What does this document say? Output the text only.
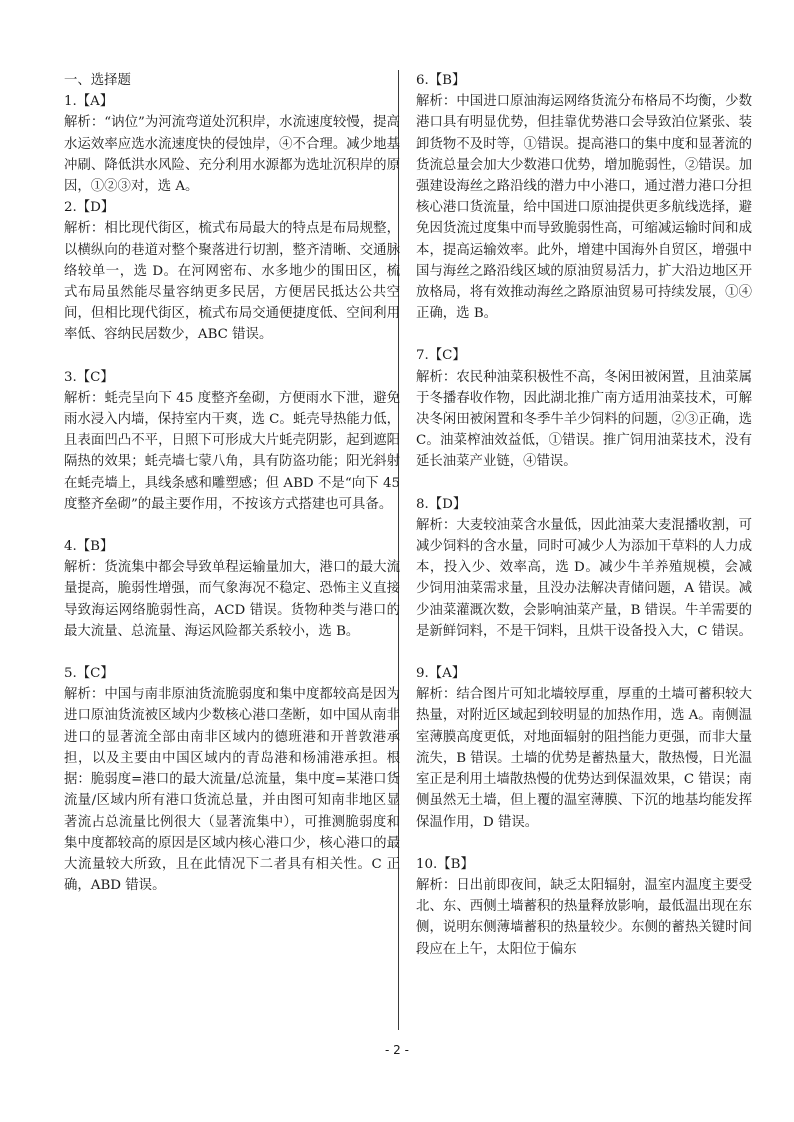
一、选择题
1.【A】
解析：“讷位”为河流弯道处沉积岸，水流速度较慢，提高水运效率应选水流速度快的侵蚀岸，④不合理。减少地基冲刷、降低洪水风险、充分利用水源都为选址沉积岸的原因，①②③对，选 A。
2.【D】
解析：相比现代街区，梳式布局最大的特点是布局规整，以横纵向的巷道对整个聚落进行切割，整齐清晰、交通脉络较单一，选 D。在河网密布、水多地少的围田区，梳式布局虽然能尽量容纳更多民居，方便居民抵达公共空间，但相比现代街区，梳式布局交通便捷度低、空间利用率低、容纳民居数少，ABC 错误。
3.【C】
解析：蚝壳呈向下 45 度整齐垒砌，方便雨水下泄，避免雨水浸入内墙，保持室内干爽，选 C。蚝壳导热能力低，且表面凹凸不平，日照下可形成大片蚝壳阴影，起到遮阳隔热的效果；蚝壳墙七蒙八角，具有防盗功能；阳光斜射在蚝壳墙上，具线条感和雕塑感；但 ABD 不是“向下 45 度整齐垒砌”的最主要作用，不按该方式搭建也可具备。
4.【B】
解析：货流集中都会导致单程运输量加大，港口的最大流量提高，脆弱性增强，而气象海况不稳定、恐怖主义直接导致海运网络脆弱性高，ACD 错误。货物种类与港口的最大流量、总流量、海运风险都关系较小，选 B。
5.【C】
解析：中国与南非原油货流脆弱度和集中度都较高是因为进口原油货流被区域内少数核心港口垄断，如中国从南非进口的显著流全部由南非区域内的德班港和开普敦港承担，以及主要由中国区域内的青岛港和杨浦港承担。根据：脆弱度=港口的最大流量/总流量，集中度=某港口货流量/区域内所有港口货流总量，并由图可知南非地区显著流占总流量比例很大（显著流集中），可推测脆弱度和集中度都较高的原因是区域内核心港口少，核心港口的最大流量较大所致，且在此情况下二者具有相关性。C 正确，ABD 错误。
6.【B】
解析：中国进口原油海运网络货流分布格局不均衡，少数港口具有明显优势，但挂靠优势港口会导致泊位紧张、装卸货物不及时等，①错误。提高港口的集中度和显著流的货流总量会加大少数港口优势，增加脆弱性，②错误。加强建设海丝之路沿线的潜力中小港口，通过潜力港口分担核心港口货流量，给中国进口原油提供更多航线选择，避免因货流过度集中而导致脆弱性高，可缩减运输时间和成本，提高运输效率。此外，增建中国海外自贸区，增强中国与海丝之路沿线区域的原油贸易活力，扩大沿边地区开放格局，将有效推动海丝之路原油贸易可持续发展，①④正确，选 B。
7.【C】
解析：农民种油菜积极性不高，冬闲田被闲置，且油菜属于冬播春收作物，因此湖北推广南方适用油菜技术，可解决冬闲田被闲置和冬季牛羊少饲料的问题，②③正确，选 C。油菜榨油效益低，①错误。推广饲用油菜技术，没有延长油菜产业链，④错误。
8.【D】
解析：大麦较油菜含水量低，因此油菜大麦混播收割，可减少饲料的含水量，同时可减少人为添加干草料的人力成本，投入少、效率高，选 D。减少牛羊养殖规模，会减少饲用油菜需求量，且没办法解决青储问题，A 错误。减少油菜灌溉次数，会影响油菜产量，B 错误。牛羊需要的是新鲜饲料，不是干饲料，且烘干设备投入大，C 错误。
9.【A】
解析：结合图片可知北墙较厚重，厚重的土墙可蓄积较大热量，对附近区域起到较明显的加热作用，选 A。南侧温室薄膜高度更低，对地面辐射的阻挡能力更强，而非大量流失，B 错误。土墙的优势是蓄热量大，散热慢，日光温室正是利用土墙散热慢的优势达到保温效果，C 错误；南侧虽然无土墙，但上覆的温室薄膜、下沉的地基均能发挥保温作用，D 错误。
10.【B】
解析：日出前即夜间，缺乏太阳辐射，温室内温度主要受北、东、西侧土墙蓄积的热量释放影响，最低温出现在东侧，说明东侧薄墙蓄积的热量较少。东侧的蓄热关键时间段应在上午，太阳位于偏东
- 2 -
